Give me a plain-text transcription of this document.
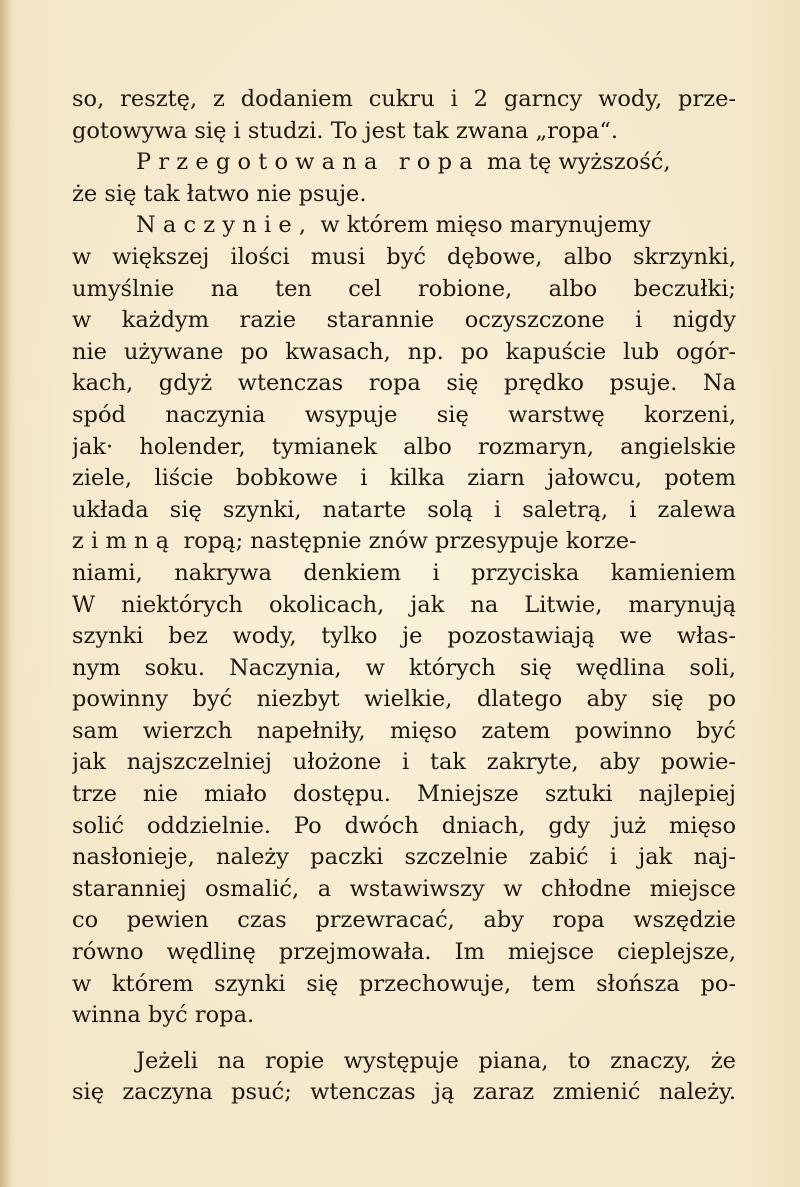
so, resztę, z dodaniem cukru i 2 garncy wody, prze-
gotowywa się i studzi. To jest tak zwana „ropa“.
Przegotowana ropa ma tę wyższość,
że się tak łatwo nie psuje.
Naczynie, w którem mięso marynujemy
w większej ilości musi być dębowe, albo skrzynki,
umyślnie na ten cel robione, albo beczułki;
w każdym razie starannie oczyszczone i nigdy
nie używane po kwasach, np. po kapuście lub ogór-
kach, gdyż wtenczas ropa się prędko psuje. Na
spód naczynia wsypuje się warstwę korzeni,
jak· holender, tymianek albo rozmaryn, angielskie
ziele, liście bobkowe i kilka ziarn jałowcu, potem
układa się szynki, natarte solą i saletrą, i zalewa
zimną ropą; następnie znów przesypuje korze-
niami, nakrywa denkiem i przyciska kamieniem
W niektórych okolicach, jak na Litwie, marynują
szynki bez wody, tylko je pozostawiają we włas-
nym soku. Naczynia, w których się wędlina soli,
powinny być niezbyt wielkie, dlatego aby się po
sam wierzch napełniły, mięso zatem powinno być
jak najszczelniej ułożone i tak zakryte, aby powie-
trze nie miało dostępu. Mniejsze sztuki najlepiej
solić oddzielnie. Po dwóch dniach, gdy już mięso
nasłonieje, należy paczki szczelnie zabić i jak naj-
staranniej osmalić, a wstawiwszy w chłodne miejsce
co pewien czas przewracać, aby ropa wszędzie
równo wędlinę przejmowała. Im miejsce cieplejsze,
w którem szynki się przechowuje, tem słońsza po-
winna być ropa.
Jeżeli na ropie występuje piana, to znaczy, że
się zaczyna psuć; wtenczas ją zaraz zmienić należy.
